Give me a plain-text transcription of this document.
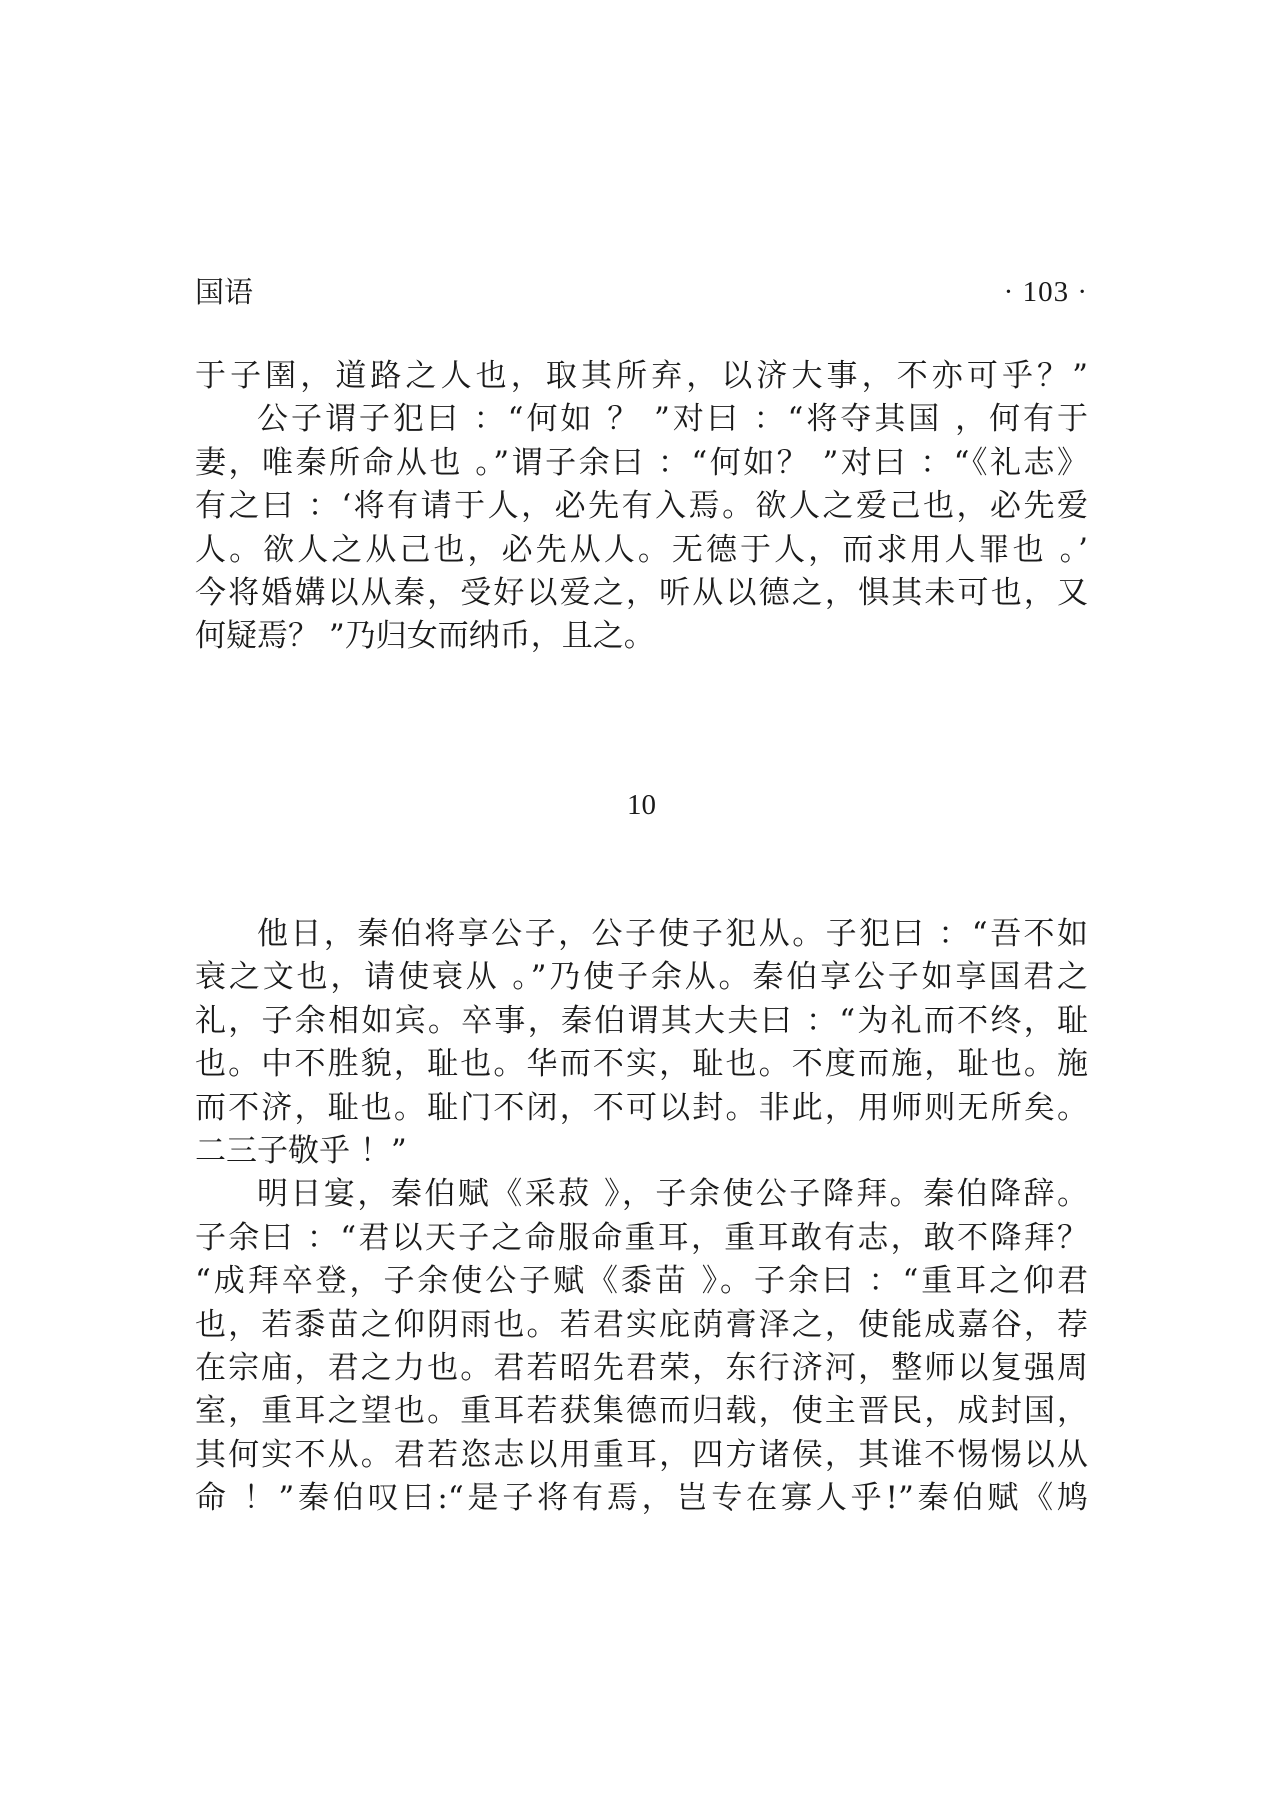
国语	· 103 ·
于子圉，道路之人也，取其所弃，以济大事，不亦可乎？”
公子谓子犯曰 ：“何如 ？ ”对曰 ：“将夺其国 ，何有于
妻，唯秦所命从也 。”谓子余曰 ：“何如？ ”对曰 ：“《礼志》
有之曰 ：‘将有请于人，必先有入焉。欲人之爱己也，必先爱
人。欲人之从己也，必先从人。无德于人，而求用人罪也 。’
今将婚媾以从秦，受好以爱之，听从以德之，惧其未可也，又
何疑焉？ ”乃归女而纳币，且之。
10
他日，秦伯将享公子，公子使子犯从。子犯曰 ：“吾不如
衰之文也，请使衰从 。”乃使子余从。秦伯享公子如享国君之
礼，子余相如宾。卒事，秦伯谓其大夫曰 ：“为礼而不终，耻
也。中不胜貌，耻也。华而不实，耻也。不度而施，耻也。施
而不济，耻也。耻门不闭，不可以封。非此，用师则无所矣。
二三子敬乎 ！”
明日宴，秦伯赋《采菽 》，子余使公子降拜。秦伯降辞。
子余曰 ：“君以天子之命服命重耳，重耳敢有志，敢不降拜？
“成拜卒登，子余使公子赋《黍苗 》。子余曰 ：“重耳之仰君
也，若黍苗之仰阴雨也。若君实庇荫膏泽之，使能成嘉谷，荐
在宗庙，君之力也。君若昭先君荣，东行济河，整师以复强周
室，重耳之望也。重耳若获集德而归载，使主晋民，成封国，
其何实不从。君若恣志以用重耳，四方诸侯，其谁不惕惕以从
命 ！”秦伯叹曰:“是子将有焉，岂专在寡人乎!”秦伯赋《鸠
